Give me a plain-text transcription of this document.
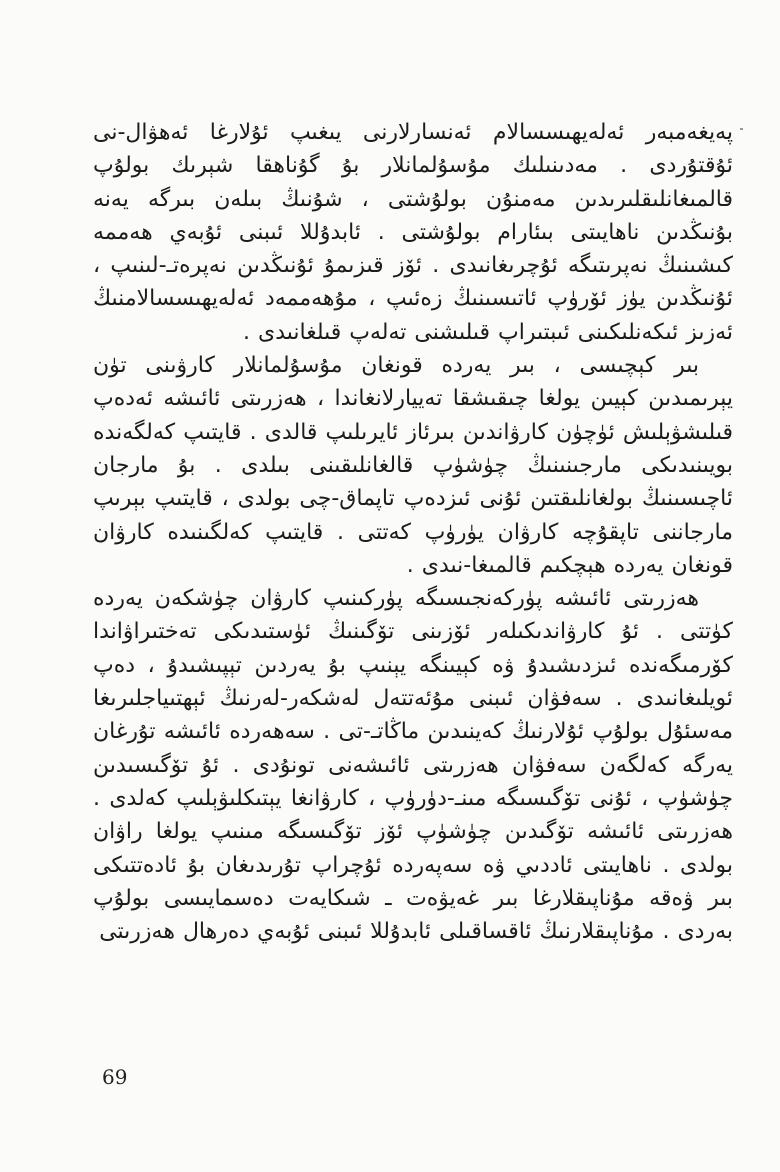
پەيغەمبەر ئەلەيھىسسالام ئەنسارلارنى يىغىپ ئۇلارغا ئەھۋال-نى ئۇقتۇردى . مەدىنىلىك مۇسۇلمانلار بۇ گۇناھقا شېرىك بولۇپ قالمىغانلىقلىرىدىن مەمنۇن بولۇشتى ، شۇنىڭ بىلەن بىرگە يەنە بۇنىڭدىن ناھايىتى بىئارام بولۇشتى . ئابدۇللا ئىبنى ئۇبەي ھەممە كىشىنىڭ نەپرىتىگە ئۇچرىغانىدى . ئۆز قىزىمۇ ئۇنىڭدىن نەپرەتـ-لىنىپ ، ئۇنىڭدىن يۈز ئۆرۈپ ئاتىسىنىڭ زەئىپ ، مۇھەممەد ئەلەيھىسسالامنىڭ ئەزىز ئىكەنلىكىنى ئىبتىراپ قىلىشنى تەلەپ قىلغانىدى .

بىر كېچىسى ، بىر يەردە قونغان مۇسۇلمانلار كارۋىنى تۈن يېرىمىدىن كېيىن يولغا چىقىشقا تەييارلانغاندا ، ھەزرىتى ئائىشە ئەدەپ قىلىشۋېلىش ئۈچۈن كارۋاندىن بىرئاز ئايرىلىپ قالدى . قايتىپ كەلگەندە بويىنىدىكى مارجىنىنىڭ چۈشۈپ قالغانلىقىنى بىلدى . بۇ مارجان ئاچىسىنىڭ بولغانلىقتىن ئۇنى ئىزدەپ تاپماق-چى بولدى ، قايتىپ بېرىپ مارجاننى تاپقۇچە كارۋان يۈرۈپ كەتتى . قايتىپ كەلگىنىدە كارۋان قونغان يەردە ھېچكىم قالمىغا-نىدى .

ھەزرىتى ئائىشە پۈركەنجىسىگە پۈركىنىپ كارۋان چۈشكەن يەردە كۈتتى . ئۇ كارۋاندىكىلەر ئۆزىنى تۆگىنىڭ ئۈستىدىكى تەختىراۋاندا كۆرمىگەندە ئىزدىشىدۇ ۋە كېيىنگە يېنىپ بۇ يەردىن تېپىشىدۇ ، دەپ ئويلىغانىدى . سەفۋان ئىبنى مۇئەتتەل لەشكەر-لەرنىڭ ئېھتىياجلىرىغا مەسئۇل بولۇپ ئۇلارنىڭ كەينىدىن ماڭاتـ-تى . سەھەردە ئائىشە تۇرغان يەرگە كەلگەن سەفۋان ھەزرىتى ئائىشەنى تونۇدى . ئۇ تۆگىسىدىن چۈشۈپ ، ئۇنى تۆگىسىگە مىنـ-دۈرۈپ ، كارۋانغا يېتىكلىۋېلىپ كەلدى . ھەزرىتى ئائىشە تۆگىدىن چۈشۈپ ئۆز تۆگىسىگە مىنىپ يولغا راۋان بولدى . ناھايىتى ئاددىي ۋە سەپەردە ئۇچراپ تۇرىدىغان بۇ ئادەتتىكى بىر ۋەقە مۇناپىقلارغا بىر غەيۋەت ـ شىكايەت دەسمايىسى بولۇپ بەردى . مۇناپىقلارنىڭ ئاقساقىلى ئابدۇللا ئىبنى ئۇبەي دەرھال ھەزرىتى

69
